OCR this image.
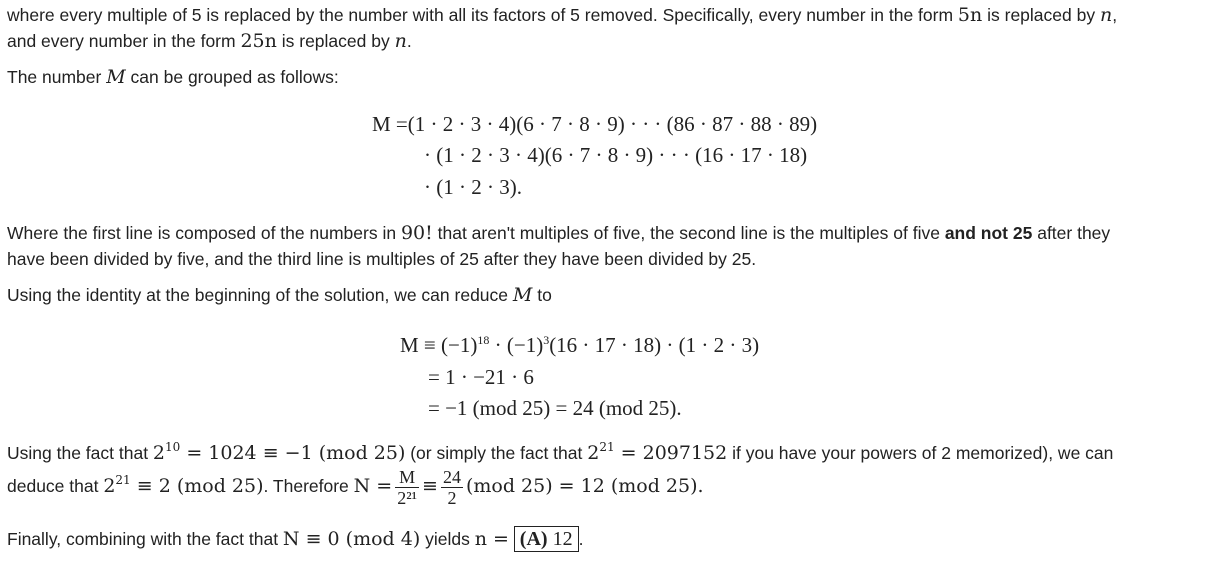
where every multiple of 5 is replaced by the number with all its factors of 5 removed. Specifically, every number in the form 5n is replaced by n,
and every number in the form 25n is replaced by n.
The number M can be grouped as follows:
M =(1 · 2 · 3 · 4)(6 · 7 · 8 · 9) · · · (86 · 87 · 88 · 89)
· (1 · 2 · 3 · 4)(6 · 7 · 8 · 9) · · · (16 · 17 · 18)
· (1 · 2 · 3).
Where the first line is composed of the numbers in 90! that aren't multiples of five, the second line is the multiples of five and not 25 after they
have been divided by five, and the third line is multiples of 25 after they have been divided by 25.
Using the identity at the beginning of the solution, we can reduce M to
$M \equiv (-1)^{18} \cdot (-1)^3(16 \cdot 17 \cdot 18) \cdot (1 \cdot 2 \cdot 3)$
= 1 · −21 · 6
= −1 (mod 25) = 24 (mod 25).
Using the fact that $2^{10} = 1024 \equiv -1$ (mod 25) (or simply the fact that $2^{21} = 2097152$ if you have your powers of 2 memorized), we can
deduce that $2^{21} \equiv 2$ (mod 25). Therefore $N = \frac{M}{\text{2²¹}} \equiv \frac{24}{2} (mod$ 25) = 12 (mod 25).
Finally, combining with the fact that N ≡ 0 (mod 4) yields n = (A) 12 .
